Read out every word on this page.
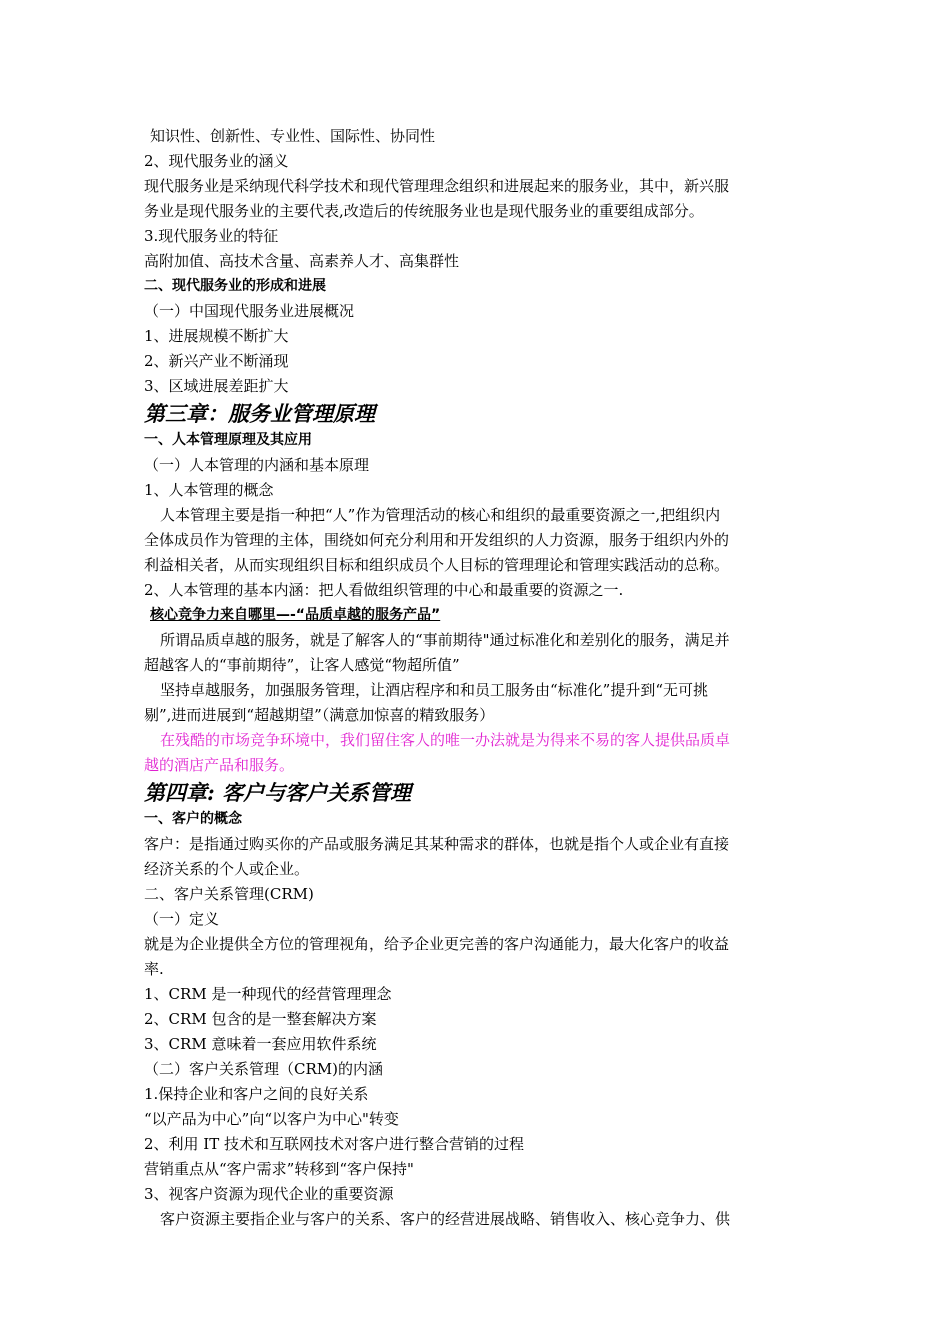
知识性、创新性、专业性、国际性、协同性
2、现代服务业的涵义
现代服务业是采纳现代科学技术和现代管理理念组织和进展起来的服务业，其中，新兴服
务业是现代服务业的主要代表,改造后的传统服务业也是现代服务业的重要组成部分。
3.现代服务业的特征
高附加值、高技术含量、高素养人才、高集群性
二、现代服务业的形成和进展
（一）中国现代服务业进展概况
1、进展规模不断扩大
2、新兴产业不断涌现
3、区域进展差距扩大
第三章：服务业管理原理
一、人本管理原理及其应用
（一）人本管理的内涵和基本原理
1、人本管理的概念
人本管理主要是指一种把“人”作为管理活动的核心和组织的最重要资源之一,把组织内
全体成员作为管理的主体，围绕如何充分利用和开发组织的人力资源，服务于组织内外的
利益相关者，从而实现组织目标和组织成员个人目标的管理理论和管理实践活动的总称。
2、人本管理的基本内涵：把人看做组织管理的中心和最重要的资源之一.
核心竞争力来自哪里—-“品质卓越的服务产品”
所谓品质卓越的服务，就是了解客人的“事前期待"通过标准化和差别化的服务，满足并
超越客人的“事前期待”，让客人感觉“物超所值”
坚持卓越服务，加强服务管理，让酒店程序和和员工服务由“标准化”提升到“无可挑
剔”,进而进展到“超越期望”（满意加惊喜的精致服务）
在残酷的市场竞争环境中，我们留住客人的唯一办法就是为得来不易的客人提供品质卓
越的酒店产品和服务。
第四章: 客户与客户关系管理
一、客户的概念
客户：是指通过购买你的产品或服务满足其某种需求的群体，也就是指个人或企业有直接
经济关系的个人或企业。
二、客户关系管理(CRM)
（一）定义
就是为企业提供全方位的管理视角，给予企业更完善的客户沟通能力，最大化客户的收益
率.
1、CRM 是一种现代的经营管理理念
2、CRM 包含的是一整套解决方案
3、CRM 意味着一套应用软件系统
（二）客户关系管理（CRM)的内涵
1.保持企业和客户之间的良好关系
“以产品为中心”向“以客户为中心"转变
2、利用 IT 技术和互联网技术对客户进行整合营销的过程
营销重点从“客户需求”转移到“客户保持"
3、视客户资源为现代企业的重要资源
客户资源主要指企业与客户的关系、客户的经营进展战略、销售收入、核心竞争力、供
